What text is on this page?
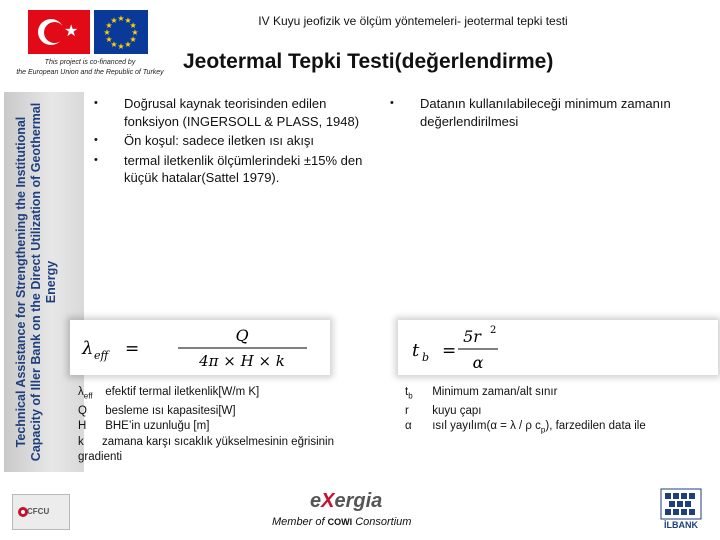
★
★ ★
★
★
★
★
★
★
★
★
★
★
This project is co-financed by
the European Union and the Republic of Turkey
IV Kuyu jeofizik ve ölçüm yöntemeleri- jeotermal tepki testi
Jeotermal Tepki Testi(değerlendirme)
Technical Assistance for Strengthening the Institutional Capacity of Iller Bank on the Direct Utilization of Geothermal Energy
• Doğrusal kaynak teorisinden edilen fonksiyon (INGERSOLL & PLASS, 1948)
• Ön koşul: sadece iletken ısı akışı
• termal iletkenlik ölçümlerindeki ±15% den küçük hatalar(Sattel 1979).
• Datanın kullanılabileceği minimum zamanın değerlendirilmesi
λ eff =
Q
4π × H × k	t b =
5r 2
α
$\lambda_{eff}$ efektif termal iletkenlik[W/m K]
Q besleme ısı kapasitesi[W]
H BHE’in uzunluğu [m]
k zamana karşı sıcaklık yükselmesinin eğrisinin gradienti
$t_b$ Minimum zaman/alt sınır
r kuyu çapı
α ısıl yayılım(α = λ / ρ $c_p$), farzedilen data ile
CFCU	eXergia
Member of COWI Consortium	İLBANK
